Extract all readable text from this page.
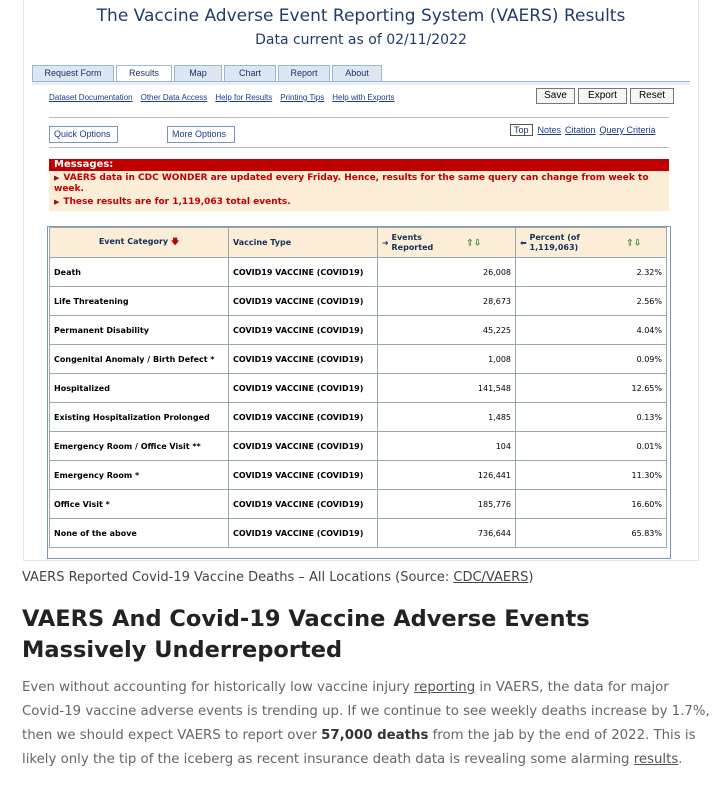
The Vaccine Adverse Event Reporting System (VAERS) Results
Data current as of 02/11/2022
Request Form	Results	Map	Chart	Report	About
Dataset Documentation Other Data Access Help for Results Printing Tips Help with Exports	Save	Export	Reset
Quick Options	More Options	Top Notes Citation Query Criteria
Messages:
▶ VAERS data in CDC WONDER are updated every Friday. Hence, results for the same query can change from week to week.
▶ These results are for 1,119,063 total events.
Event Category 🡇	Vaccine Type	➜ Events Reported ⇧⇩	⬅ Percent (of 1,119,063) ⇧⇩
Death	COVID19 VACCINE (COVID19)	26,008	2.32%
Life Threatening	COVID19 VACCINE (COVID19)	28,673	2.56%
Permanent Disability	COVID19 VACCINE (COVID19)	45,225	4.04%
Congenital Anomaly / Birth Defect *	COVID19 VACCINE (COVID19)	1,008	0.09%
Hospitalized	COVID19 VACCINE (COVID19)	141,548	12.65%
Existing Hospitalization Prolonged	COVID19 VACCINE (COVID19)	1,485	0.13%
Emergency Room / Office Visit **	COVID19 VACCINE (COVID19)	104	0.01%
Emergency Room *	COVID19 VACCINE (COVID19)	126,441	11.30%
Office Visit *	COVID19 VACCINE (COVID19)	185,776	16.60%
None of the above	COVID19 VACCINE (COVID19)	736,644	65.83%
VAERS Reported Covid-19 Vaccine Deaths – All Locations (Source: CDC/VAERS)
VAERS And Covid-19 Vaccine Adverse Events Massively Underreported
Even without accounting for historically low vaccine injury reporting in VAERS, the data for major Covid-19 vaccine adverse events is trending up. If we continue to see weekly deaths increase by 1.7%, then we should expect VAERS to report over 57,000 deaths from the jab by the end of 2022. This is likely only the tip of the iceberg as recent insurance death data is revealing some alarming results.
